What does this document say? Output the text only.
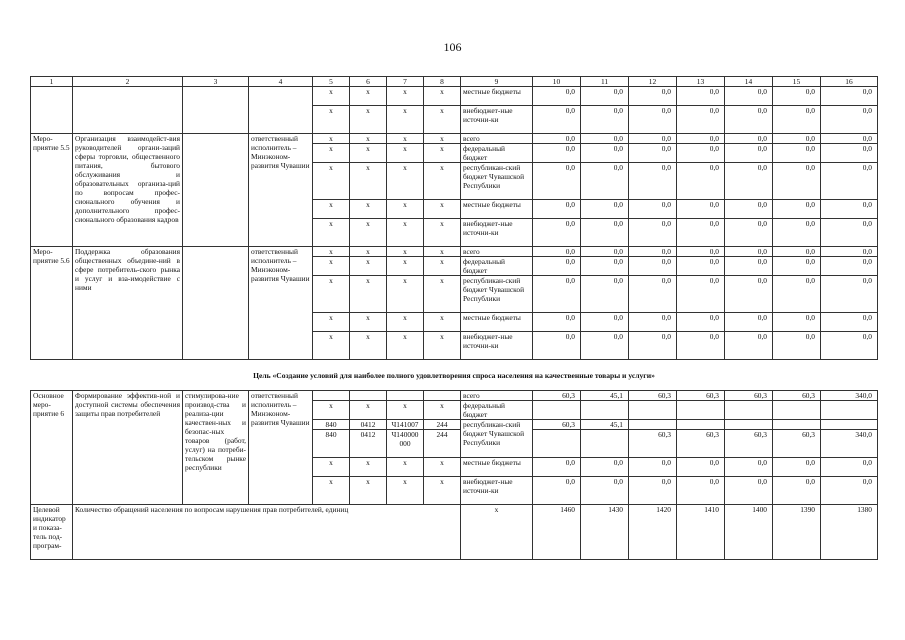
106
1	2	3	4	5	6	7	8	9	10	11	12	13	14	15	16
				x	x	x	x	местные бюджеты	0,0	0,0	0,0	0,0	0,0	0,0	0,0
				x	x	x	x	внебюджет-ные источни-ки	0,0	0,0	0,0	0,0	0,0	0,0	0,0
Меро-приятие 5.5	Организация взаимодейст-вия руководителей органи-заций сферы торговли, общественного питания, бытового обслуживания и образовательных организа-ций по вопросам профес-сионального обучения и дополнительного профес-сионального образования кадров		ответственный исполнитель – Минэконом-развития Чувашии	x	x	x	x	всего	0,0	0,0	0,0	0,0	0,0	0,0	0,0
				x	x	x	x	федеральный бюджет	0,0	0,0	0,0	0,0	0,0	0,0	0,0
				x	x	x	x	республикан-ский бюджет Чувашской Республики	0,0	0,0	0,0	0,0	0,0	0,0	0,0
				x	x	x	x	местные бюджеты	0,0	0,0	0,0	0,0	0,0	0,0	0,0
				x	x	x	x	внебюджет-ные источни-ки	0,0	0,0	0,0	0,0	0,0	0,0	0,0
Меро-приятие 5.6	Поддержка образования общественных объедине-ний в сфере потребитель-ского рынка и услуг и вза-имодействие с ними		ответственный исполнитель – Минэконом-развития Чувашии	x	x	x	x	всего	0,0	0,0	0,0	0,0	0,0	0,0	0,0
				x	x	x	x	федеральный бюджет	0,0	0,0	0,0	0,0	0,0	0,0	0,0
				x	x	x	x	республикан-ский бюджет Чувашской Республики	0,0	0,0	0,0	0,0	0,0	0,0	0,0
				x	x	x	x	местные бюджеты	0,0	0,0	0,0	0,0	0,0	0,0	0,0
				x	x	x	x	внебюджет-ные источни-ки	0,0	0,0	0,0	0,0	0,0	0,0	0,0
Цель «Создание условий для наиболее полного удовлетворения спроса населения на качественные товары и услуги»															
Основное меро-приятие 6	Формирование эффектив-ной и доступной системы обеспечения защиты прав потребителей	стимулирова-ние производ-ства и реализа-ции качествен-ных и безопас-ных товаров (работ, услуг) на потреби-тельском рынке республики	ответственный исполнитель – Минэконом-развития Чувашии					всего	60,3	45,1	60,3	60,3	60,3	60,3	340,0
				x	x	x	x	федеральный бюджет							
				840	0412	Ч141007	244	республикан-ский бюджет Чувашской Республики	60,3	45,1					
				840	0412	Ч140000 000	244				60,3	60,3	60,3	60,3	340,0
				x	x	x	x	местные бюджеты	0,0	0,0	0,0	0,0	0,0	0,0	0,0
				x	x	x	x	внебюджет-ные источни-ки	0,0	0,0	0,0	0,0	0,0	0,0	0,0
Целевой индикатор и показа-тель под-програм-	Количество обращений населения по вопросам нарушения прав потребителей, единиц							x	1460	1430	1420	1410	1400	1390	1380
